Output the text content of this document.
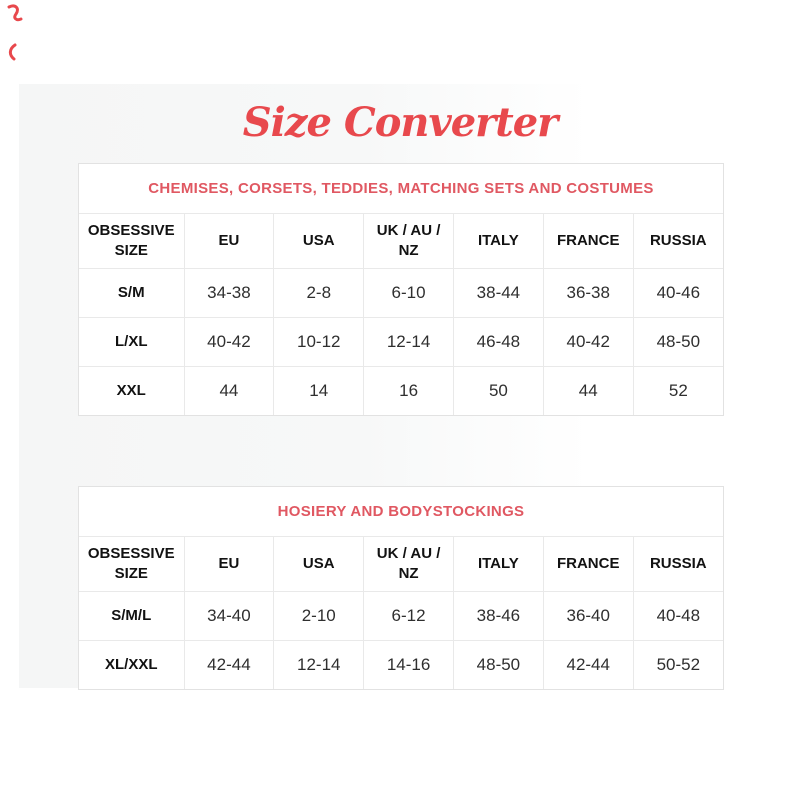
Size Converter
CHEMISES, CORSETS, TEDDIES, MATCHING SETS AND COSTUMES
OBSESSIVE SIZE	EU	USA	UK / AU / NZ	ITALY	FRANCE	RUSSIA
S/M	34-38	2-8	6-10	38-44	36-38	40-46
L/XL	40-42	10-12	12-14	46-48	40-42	48-50
XXL	44	14	16	50	44	52
HOSIERY AND BODYSTOCKINGS
OBSESSIVE SIZE	EU	USA	UK / AU / NZ	ITALY	FRANCE	RUSSIA
S/M/L	34-40	2-10	6-12	38-46	36-40	40-48
XL/XXL	42-44	12-14	14-16	48-50	42-44	50-52
